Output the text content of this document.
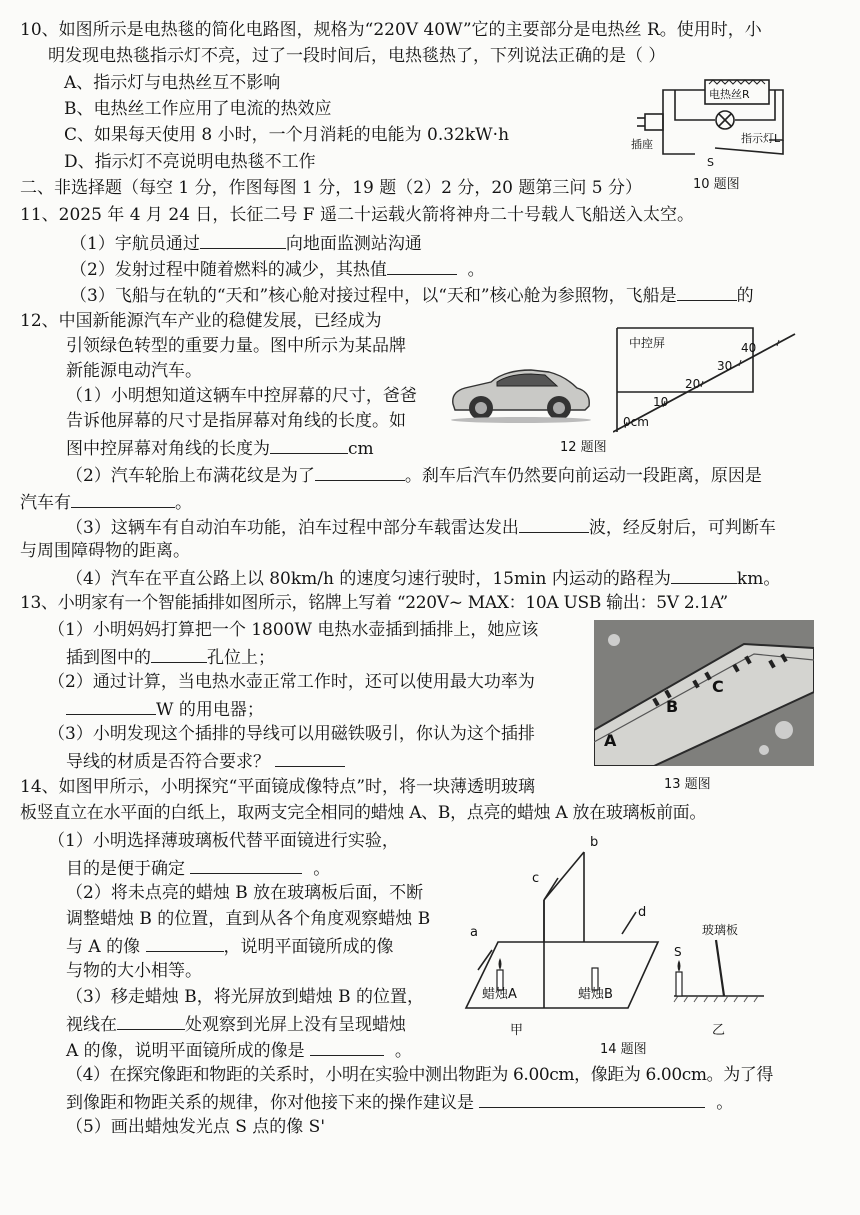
10、如图所示是电热毯的简化电路图，规格为“220V 40W”它的主要部分是电热丝 R。使用时，小
明发现电热毯指示灯不亮，过了一段时间后，电热毯热了，下列说法正确的是（ ）
A、指示灯与电热丝互不影响
B、电热丝工作应用了电流的热效应
C、如果每天使用 8 小时，一个月消耗的电能为 0.32kW·h
D、指示灯不亮说明电热毯不工作
电热丝R
插座	指示灯L
S
10 题图
二、非选择题（每空 1 分，作图每图 1 分，19 题（2）2 分，20 题第三问 5 分）
11、2025 年 4 月 24 日，长征二号 F 遥二十运载火箭将神舟二十号载人飞船送入太空。
（1）宇航员通过	向地面监测站沟通
（2）发射过程中随着燃料的减少，其热值	。
（3）飞船与在轨的“天和”核心舱对接过程中，以“天和”核心舱为参照物，飞船是	的
12、中国新能源汽车产业的稳健发展，已经成为
引领绿色转型的重要力量。图中所示为某品牌
新能源电动汽车。
（1）小明想知道这辆车中控屏幕的尺寸，爸爸
告诉他屏幕的尺寸是指屏幕对角线的长度。如
图中控屏幕对角线的长度为	cm
中控屏
0cm
10
20
30
40
12 题图
（2）汽车轮胎上布满花纹是为了	。刹车后汽车仍然要向前运动一段距离，原因是
汽车有	。
（3）这辆车有自动泊车功能，泊车过程中部分车载雷达发出	波，经反射后，可判断车
与周围障碍物的距离。
（4）汽车在平直公路上以 80km/h 的速度匀速行驶时，15min 内运动的路程为	km。
13、小明家有一个智能插排如图所示，铭牌上写着 “220V~ MAX：10A USB 输出：5V 2.1A”
（1）小明妈妈打算把一个 1800W 电热水壶插到插排上，她应该
插到图中的	孔位上；
（2）通过计算，当电热水壶正常工作时，还可以使用最大功率为
W 的用电器；
（3）小明发现这个插排的导线可以用磁铁吸引，你认为这个插排
导线的材质是否符合要求？
A
B
C
13 题图
14、如图甲所示，小明探究“平面镜成像特点”时，将一块薄透明玻璃
板竖直立在水平面的白纸上，取两支完全相同的蜡烛 A、B，点亮的蜡烛 A 放在玻璃板前面。
（1）小明选择薄玻璃板代替平面镜进行实验，
目的是便于确定	。
（2）将未点亮的蜡烛 B 放在玻璃板后面，不断
调整蜡烛 B 的位置，直到从各个角度观察蜡烛 B
与 A 的像	，说明平面镜所成的像
与物的大小相等。
（3）移走蜡烛 B，将光屏放到蜡烛 B 的位置，
视线在	处观察到光屏上没有呈现蜡烛
A 的像，说明平面镜所成的像是	。
（4）在探究像距和物距的关系时，小明在实验中测出物距为 6.00cm，像距为 6.00cm。为了得
到像距和物距关系的规律，你对他接下来的操作建议是	。
（5）画出蜡烛发光点 S 点的像 S'
蜡烛A	蜡烛B
b
c
d
a
甲
S
玻璃板
乙
14 题图
